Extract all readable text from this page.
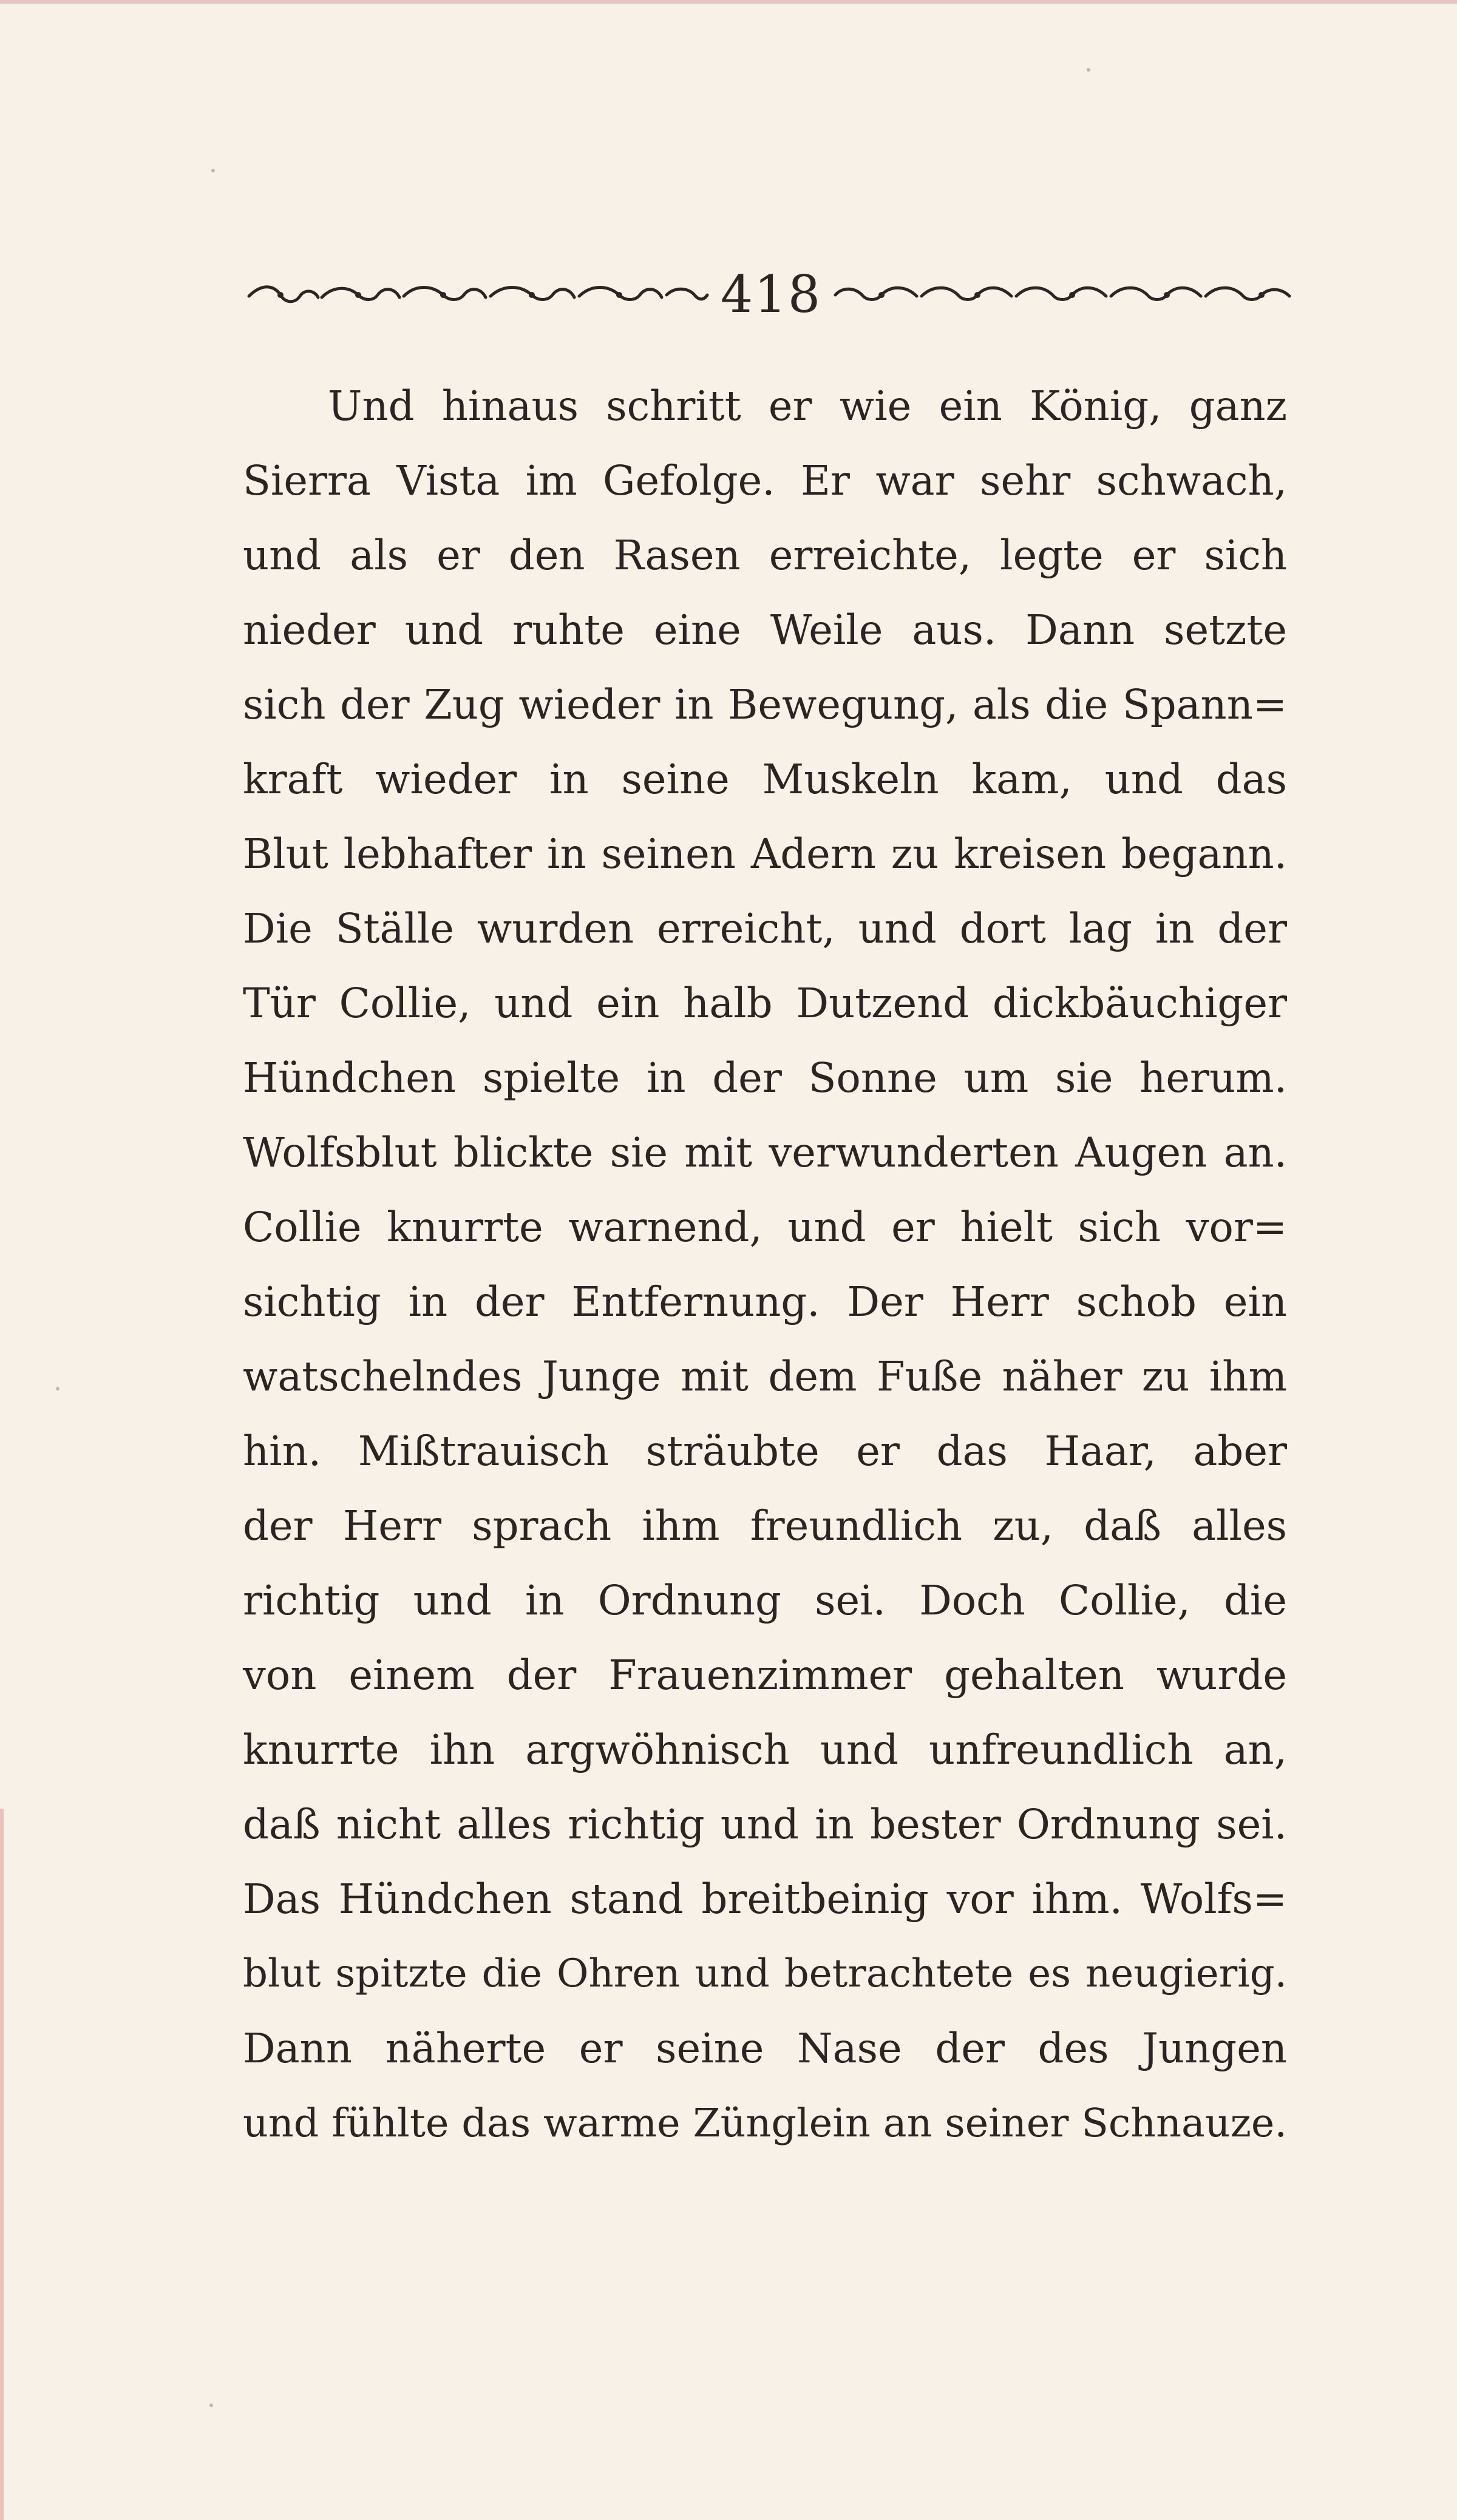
418
Und hinaus schritt er wie ein König, ganz
Sierra Vista im Gefolge. Er war sehr schwach,
und als er den Rasen erreichte, legte er sich
nieder und ruhte eine Weile aus. Dann setzte
sich der Zug wieder in Bewegung, als die Spann=
kraft wieder in seine Muskeln kam, und das
Blut lebhafter in seinen Adern zu kreisen begann.
Die Ställe wurden erreicht, und dort lag in der
Tür Collie, und ein halb Dutzend dickbäuchiger
Hündchen spielte in der Sonne um sie herum.
Wolfsblut blickte sie mit verwunderten Augen an.
Collie knurrte warnend, und er hielt sich vor=
sichtig in der Entfernung. Der Herr schob ein
watschelndes Junge mit dem Fuße näher zu ihm
hin. Mißtrauisch sträubte er das Haar, aber
der Herr sprach ihm freundlich zu, daß alles
richtig und in Ordnung sei. Doch Collie, die
von einem der Frauenzimmer gehalten wurde
knurrte ihn argwöhnisch und unfreundlich an,
daß nicht alles richtig und in bester Ordnung sei.
Das Hündchen stand breitbeinig vor ihm. Wolfs=
blut spitzte die Ohren und betrachtete es neugierig.
Dann näherte er seine Nase der des Jungen
und fühlte das warme Zünglein an seiner Schnauze.
